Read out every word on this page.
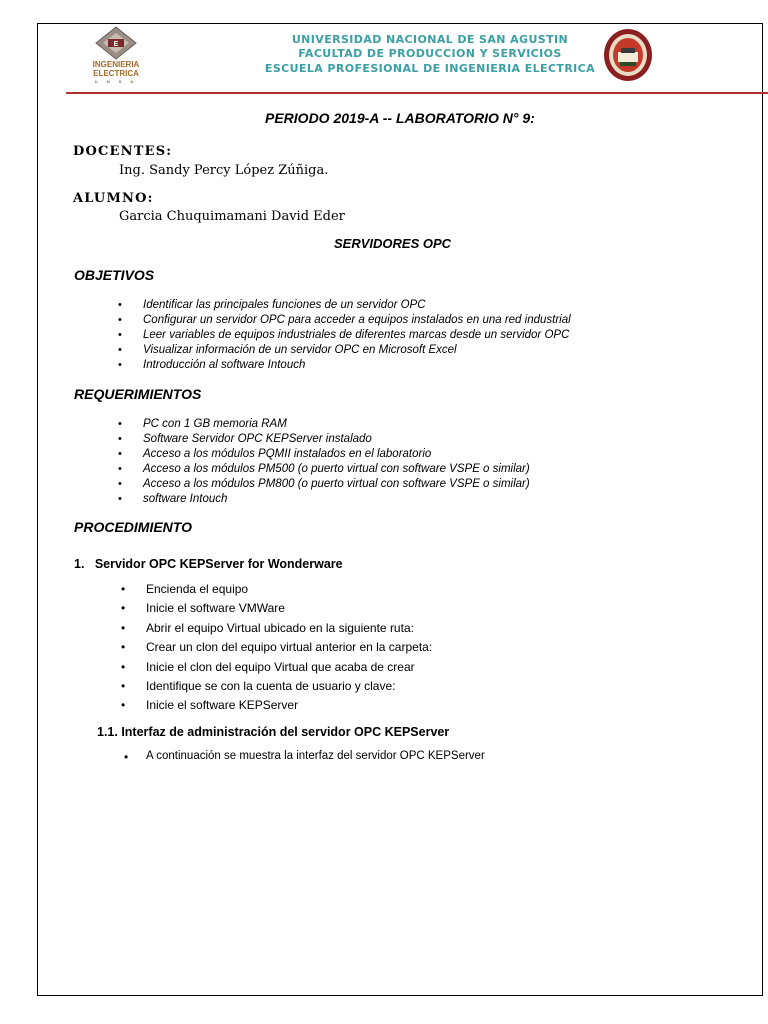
E
INGENIERIA
ELECTRICA
U N S A
UNIVERSIDAD NACIONAL DE SAN AGUSTIN
FACULTAD DE PRODUCCION Y SERVICIOS
ESCUELA PROFESIONAL DE INGENIERIA ELECTRICA
PERIODO 2019-A -- LABORATORIO N° 9:
DOCENTES:
Ing. Sandy Percy López Zúñiga.
ALUMNO:
Garcia Chuquimamani David Eder
SERVIDORES OPC
OBJETIVOS
• Identificar las principales funciones de un servidor OPC
• Configurar un servidor OPC para acceder a equipos instalados en una red industrial
• Leer variables de equipos industriales de diferentes marcas desde un servidor OPC
• Visualizar información de un servidor OPC en Microsoft Excel
• Introducción al software Intouch
REQUERIMIENTOS
• PC con 1 GB memoria RAM
• Software Servidor OPC KEPServer instalado
• Acceso a los módulos PQMII instalados en el laboratorio
• Acceso a los módulos PM500 (o puerto virtual con software VSPE o similar)
• Acceso a los módulos PM800 (o puerto virtual con software VSPE o similar)
• software Intouch
PROCEDIMIENTO
1.   Servidor OPC KEPServer for Wonderware
• Encienda el equipo
• Inicie el software VMWare
• Abrir el equipo Virtual ubicado en la siguiente ruta:
• Crear un clon del equipo virtual anterior en la carpeta:
• Inicie el clon del equipo Virtual que acaba de crear
• Identifique se con la cuenta de usuario y clave:
• Inicie el software KEPServer
1.1. Interfaz de administración del servidor OPC KEPServer
• A continuación se muestra la interfaz del servidor OPC KEPServer
